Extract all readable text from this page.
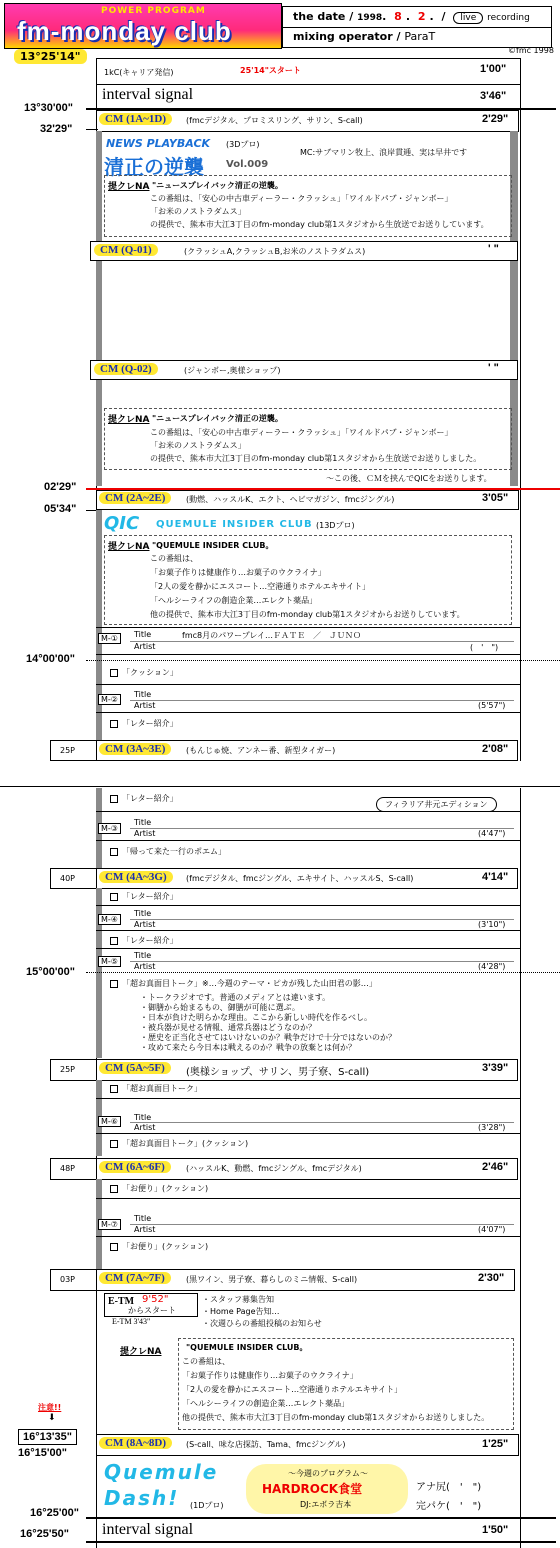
POWER PROGRAM
fm-monday club	the date / 1998. 8 . 2 . / live recording
mixing operator / ParaT
©fmc 1998
13°25'14"
1kC(キャリア発信)	25'14"スタート	1'00"
interval signal	3'46"
13°30'00"
CM (1A~1D)	(fmcデジタル、プロミスリング、サリン、S-call)	2'29"
32'29"
NEWS PLAYBACK (3Dプロ)
清正の逆襲 Vol.009
MC:サブマリン牧上、浪岸貫逓、実は早井です
提クレNA "ニュースプレイバック清正の逆襲。
この番組は、「安心の中古車ディーラー・クラッシュ」「ワイルドパブ・ジャンボー」
「お米のノストラダムス」
の提供で、熊本市大江3丁目のfm-monday club第1スタジオから生放送でお送りしています。
CM (Q-01)	(クラッシュA,クラッシュB,お米のノストラダムス)	' "
CM (Q-02)	(ジャンボー,奥様ショップ)	' "
提クレNA "ニュースプレイバック清正の逆襲。
この番組は、「安心の中古車ディーラー・クラッシュ」「ワイルドパブ・ジャンボー」
「お米のノストラダムス」
の提供で、熊本市大江3丁目のfm-monday club第1スタジオから生放送でお送りしました。
〜この後、ＣＭを挟んでQICをお送りします。
02'29"
CM (2A~2E)	(動燃、ハッスルK、エクト、ヘビマガジン、fmcジングル)	3'05"
05'34"
QIC QUEMULE INSIDER CLUB (13Dプロ)
提クレNA "QUEMULE INSIDER CLUB。
この番組は、
「お菓子作りは健康作り…お菓子のウクライナ」
「2人の愛を静かにエスコート…空港通りホテルエキサイト」
「ヘルシーライフの創造企業…エレクト薬品」
他の提供で、熊本市大江3丁目のfm-monday club第1スタジオからお送りしています。
M-①	Title	fmc8月のパワープレイ…ＦＡＴＥ　／　ＪＵＮＯ
Artist	(　'　")
14°00'00"
「クッション」
M-②
Title
Artist	(5'57")
「レター紹介」
25P	CM (3A~3E)	(もんじゅ焼、アンネー番、新型タイガー)	2'08"
「レター紹介」
フィラリア井元エディション
M-③
Title
Artist	(4'47")
「帰って来た一行のポエム」
40P	CM (4A~3G)	(fmcデジタル、fmcジングル、エキサイト、ハッスルS、S-call)	4'14"
「レター紹介」
M-④
Title
Artist	(3'10")
「レター紹介」
M-⑤
Title
Artist	(4'28")
15°00'00"
「超お真面目トーク」※…今週のテーマ・ピカが残した山田君の影…」
・トークラジオです。普通のメディアとは違います。
・御膳から始まるもの、御膳が可能に選ぶ。
・日本が負けた明らかな理由。ここから新しい時代を作るべし。
・被兵器が見せる情報、通常兵器はどうなのか？
・歴史を正当化させてはいけないのか？戦争だけで十分ではないのか？
・攻めて来たら今日本は戦えるのか？戦争の放棄とは何か？
25P	CM (5A~5F)	(奥様ショップ、サリン、男子寮、S-call)	3'39"
「超お真面目トーク」
M-⑥	Title
Artist	(3'28")
「超お真面目トーク」(クッション)
48P	CM (6A~6F)	(ハッスルK、動燃、fmcジングル、fmcデジタル)	2'46"
「お便り」(クッション)
M-⑦
Title
Artist	(4'07")
「お便り」(クッション)
03P	CM (7A~7F)	(黒ワイン、男子寮、暮らしのミニ情報、S-call)	2'30"
E-TM 9'52"
からスタート
E-TM 3'43"
・スタッフ募集告知
・Home Page告知…
・次週ひらの番組投稿のお知らせ
提クレNA	"QUEMULE INSIDER CLUB。
この番組は、
「お菓子作りは健康作り…お菓子のウクライナ」
「2人の愛を静かにエスコート…空港通りホテルエキサイト」
「ヘルシーライフの創造企業…エレクト薬品」
他の提供で、熊本市大江3丁目のfm-monday club第1スタジオからお送りしました。
注意!!
⬇
16°13'35"
16°15'00"
CM (8A~8D)	(S-call、味な店探訪、Tama、fmcジングル)	1'25"
Quemule
Dash! (1Dプロ)
〜今週のプログラム〜
HARDROCK食堂
DJ:エボラ吉本
アナ尻(　'　")
完パケ(　'　")
16°25'00"
16°25'50" interval signal	1'50"
